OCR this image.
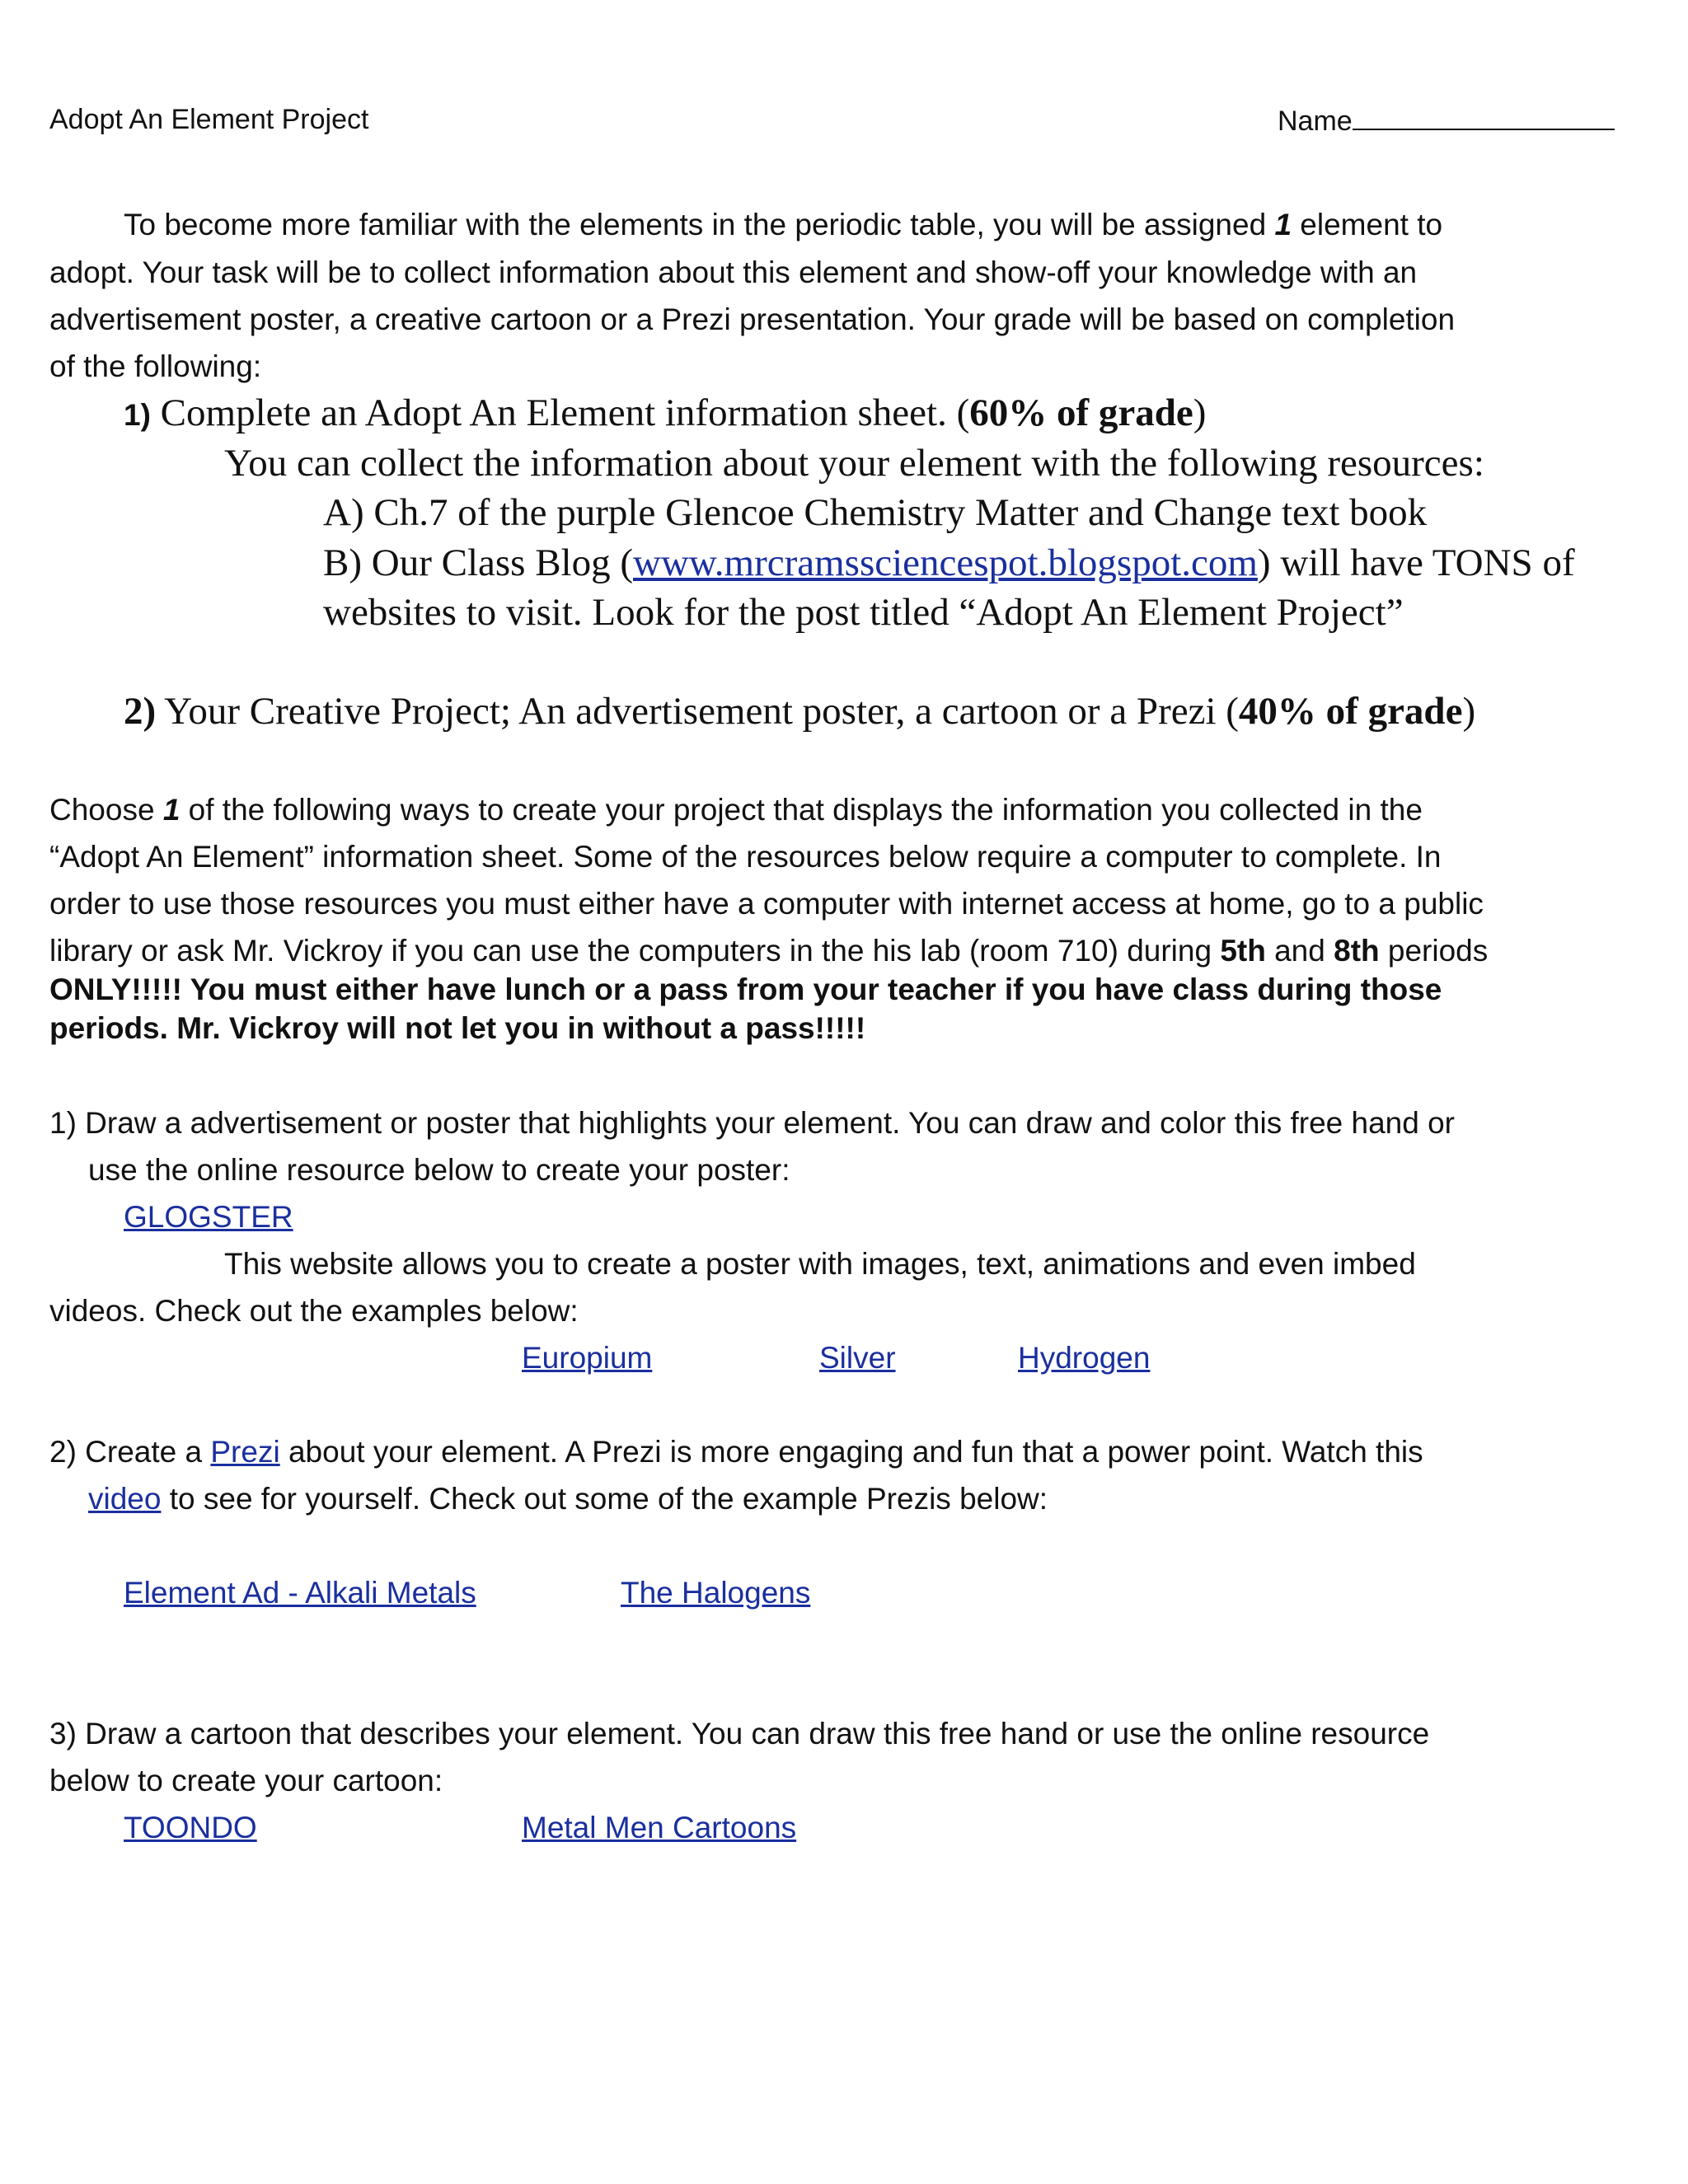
Adopt An Element Project	Name
To become more familiar with the elements in the periodic table, you will be assigned 1 element to
adopt. Your task will be to collect information about this element and show-off your knowledge with an
advertisement poster, a creative cartoon or a Prezi presentation. Your grade will be based on completion
of the following:
1) Complete an Adopt An Element information sheet. (60% of grade)
You can collect the information about your element with the following resources:
A) Ch.7 of the purple Glencoe Chemistry Matter and Change text book
B) Our Class Blog (www.mrcramssciencespot.blogspot.com) will have TONS of
websites to visit. Look for the post titled “Adopt An Element Project”
2) Your Creative Project; An advertisement poster, a cartoon or a Prezi (40% of grade)
Choose 1 of the following ways to create your project that displays the information you collected in the
“Adopt An Element” information sheet. Some of the resources below require a computer to complete. In
order to use those resources you must either have a computer with internet access at home, go to a public
library or ask Mr. Vickroy if you can use the computers in the his lab (room 710) during 5th and 8th periods
ONLY!!!!! You must either have lunch or a pass from your teacher if you have class during those
periods. Mr. Vickroy will not let you in without a pass!!!!!
1) Draw a advertisement or poster that highlights your element. You can draw and color this free hand or
use the online resource below to create your poster:
GLOGSTER
This website allows you to create a poster with images, text, animations and even imbed
videos. Check out the examples below:
Europium	Silver	Hydrogen
2) Create a Prezi about your element. A Prezi is more engaging and fun that a power point. Watch this
video to see for yourself. Check out some of the example Prezis below:
Element Ad - Alkali Metals	The Halogens
3) Draw a cartoon that describes your element. You can draw this free hand or use the online resource
below to create your cartoon:
TOONDO	Metal Men Cartoons
